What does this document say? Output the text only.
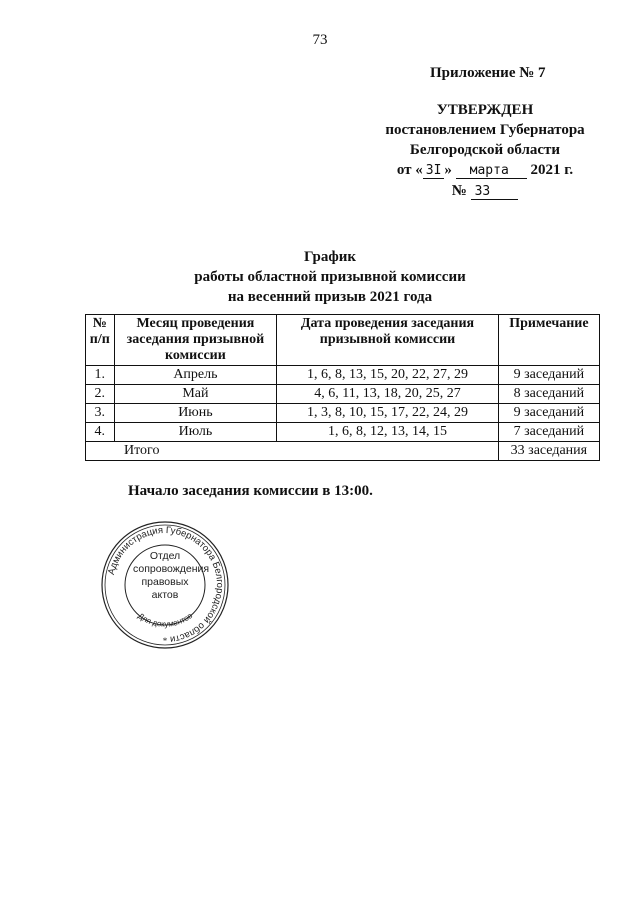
73
Приложение № 7
УТВЕРЖДЕН
постановлением Губернатора
Белгородской области
от « 3I » марта 2021 г.
№ 33
График
работы областной призывной комиссии
на весенний призыв 2021 года
№ п/п	Месяц проведения заседания призывной комиссии	Дата проведения заседания призывной комиссии	Примечание
1.	Апрель	1, 6, 8, 13, 15, 20, 22, 27, 29	9 заседаний
2.	Май	4, 6, 11, 13, 18, 20, 25, 27	8 заседаний
3.	Июнь	1, 3, 8, 10, 15, 17, 22, 24, 29	9 заседаний
4.	Июль	1, 6, 8, 12, 13, 14, 15	7 заседаний
Итого			33 заседания
Начало заседания комиссии в 13:00.
Администрация Губернатора Белгородской области
Для документов
*
Отдел
сопровождения
правовых
актов
